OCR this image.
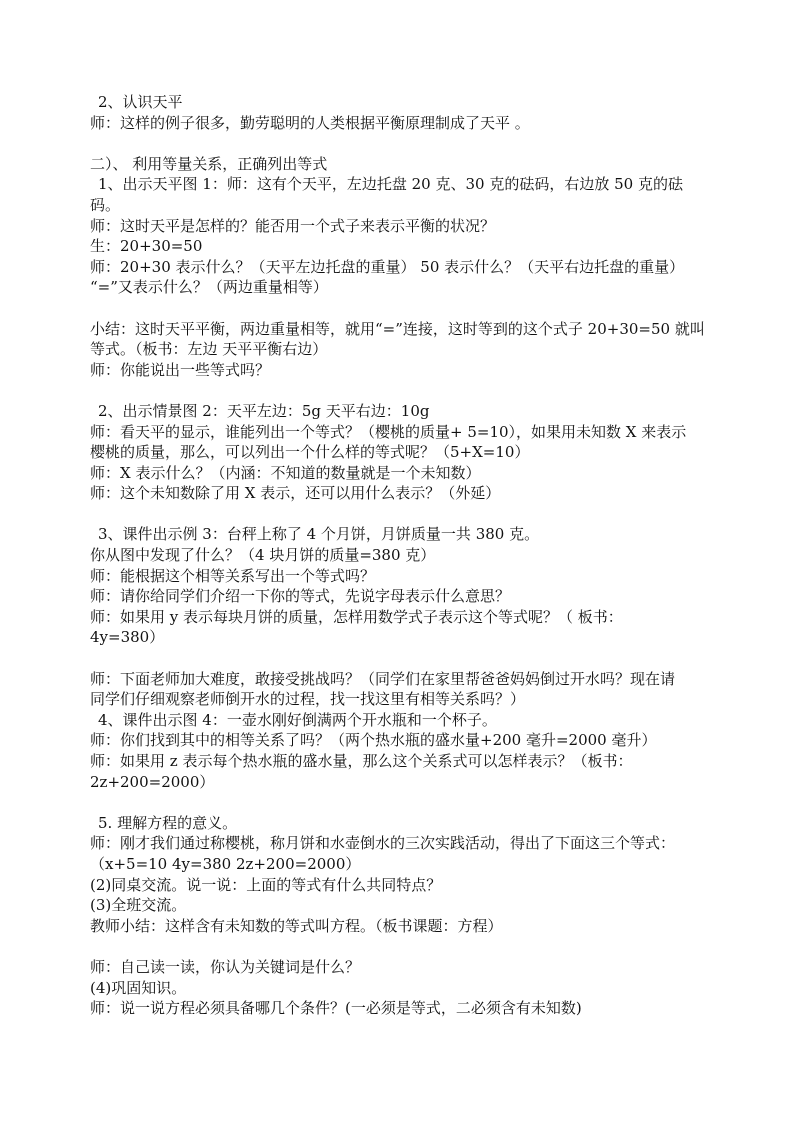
2、认识天平
师：这样的例子很多，勤劳聪明的人类根据平衡原理制成了天平 。
二）、 利用等量关系，正确列出等式
1、出示天平图 1：师：这有个天平，左边托盘 20 克、30 克的砝码，右边放 50 克的砝
码。
师：这时天平是怎样的？能否用一个式子来表示平衡的状况？
生：20+30=50
师：20+30 表示什么？（天平左边托盘的重量） 50 表示什么？（天平右边托盘的重量）
“=”又表示什么？（两边重量相等）
小结：这时天平平衡，两边重量相等，就用“=”连接，这时等到的这个式子 20+30=50 就叫
等式。（板书：左边 天平平衡右边）
师：你能说出一些等式吗？
2、出示情景图 2：天平左边：5g 天平右边：10g
师：看天平的显示，谁能列出一个等式？（樱桃的质量+ 5=10），如果用未知数 X 来表示
樱桃的质量，那么，可以列出一个什么样的等式呢？（5+X=10）
师：X 表示什么？（内涵：不知道的数量就是一个未知数）
师：这个未知数除了用 X 表示，还可以用什么表示？（外延）
3、课件出示例 3：台秤上称了 4 个月饼，月饼质量一共 380 克。
你从图中发现了什么？（4 块月饼的质量=380 克）
师：能根据这个相等关系写出一个等式吗？
师：请你给同学们介绍一下你的等式，先说字母表示什么意思？
师：如果用 y 表示每块月饼的质量，怎样用数学式子表示这个等式呢？（ 板书：
4y=380）
师：下面老师加大难度，敢接受挑战吗？（同学们在家里帮爸爸妈妈倒过开水吗？现在请
同学们仔细观察老师倒开水的过程，找一找这里有相等关系吗？）
4、课件出示图 4：一壶水刚好倒满两个开水瓶和一个杯子。
师：你们找到其中的相等关系了吗？（两个热水瓶的盛水量+200 毫升=2000 毫升）
师：如果用 z 表示每个热水瓶的盛水量，那么这个关系式可以怎样表示？（板书：
2z+200=2000）
5. 理解方程的意义。
师：刚才我们通过称樱桃，称月饼和水壶倒水的三次实践活动，得出了下面这三个等式：
（x+5=10 4y=380 2z+200=2000）
(2)同桌交流。说一说：上面的等式有什么共同特点？
(3)全班交流。
教师小结：这样含有未知数的等式叫方程。（板书课题：方程）
师：自己读一读，你认为关键词是什么？
(4)巩固知识。
师：说一说方程必须具备哪几个条件？(一必须是等式，二必须含有未知数)
